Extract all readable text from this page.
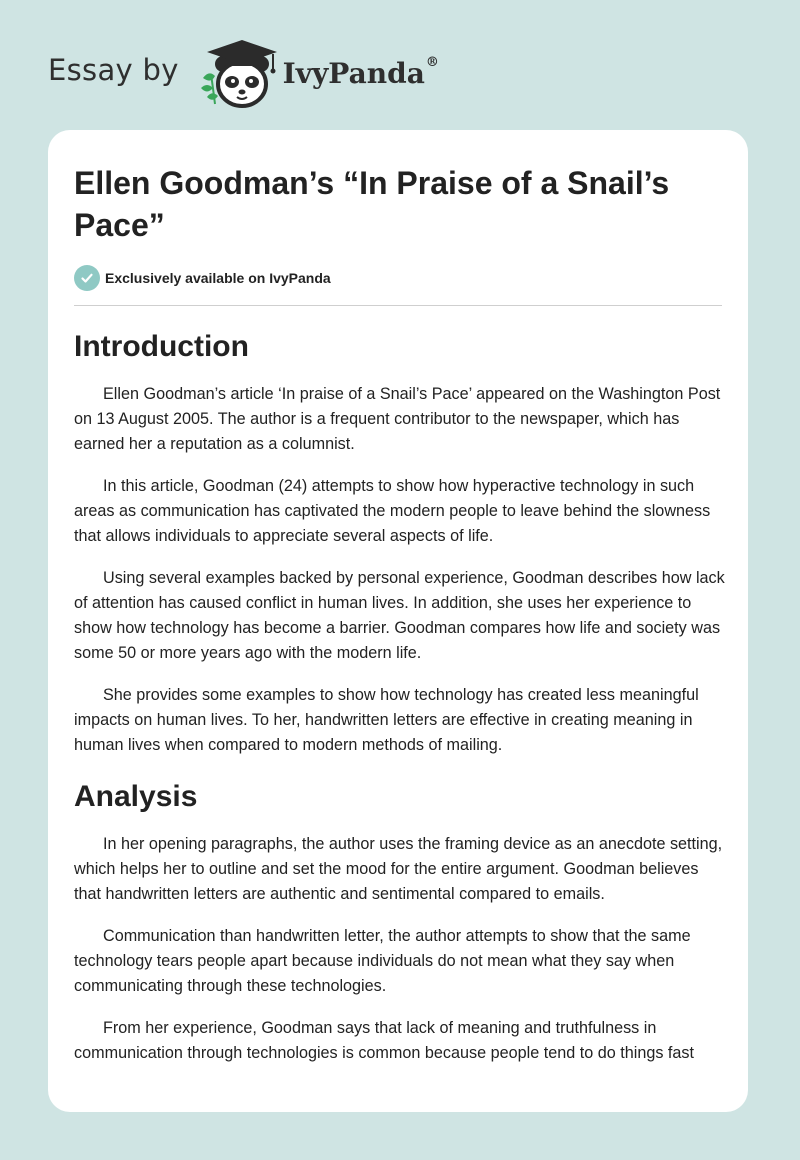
Essay by	IvyPanda®
Ellen Goodman’s “In Praise of a Snail’s Pace”
Exclusively available on IvyPanda
Introduction

Ellen Goodman’s article ‘In praise of a Snail’s Pace’ appeared on the Washington Post on 13 August 2005. The author is a frequent contributor to the newspaper, which has earned her a reputation as a columnist.

In this article, Goodman (24) attempts to show how hyperactive technology in such areas as communication has captivated the modern people to leave behind the slowness that allows individuals to appreciate several aspects of life.

Using several examples backed by personal experience, Goodman describes how lack of attention has caused conflict in human lives. In addition, she uses her experience to show how technology has become a barrier. Goodman compares how life and society was some 50 or more years ago with the modern life.

She provides some examples to show how technology has created less meaningful impacts on human lives. To her, handwritten letters are effective in creating meaning in human lives when compared to modern methods of mailing.

Analysis

In her opening paragraphs, the author uses the framing device as an anecdote setting, which helps her to outline and set the mood for the entire argument. Goodman believes that handwritten letters are authentic and sentimental compared to emails.

Communication than handwritten letter, the author attempts to show that the same technology tears people apart because individuals do not mean what they say when communicating through these technologies.

From her experience, Goodman says that lack of meaning and truthfulness in communication through technologies is common because people tend to do things fast
